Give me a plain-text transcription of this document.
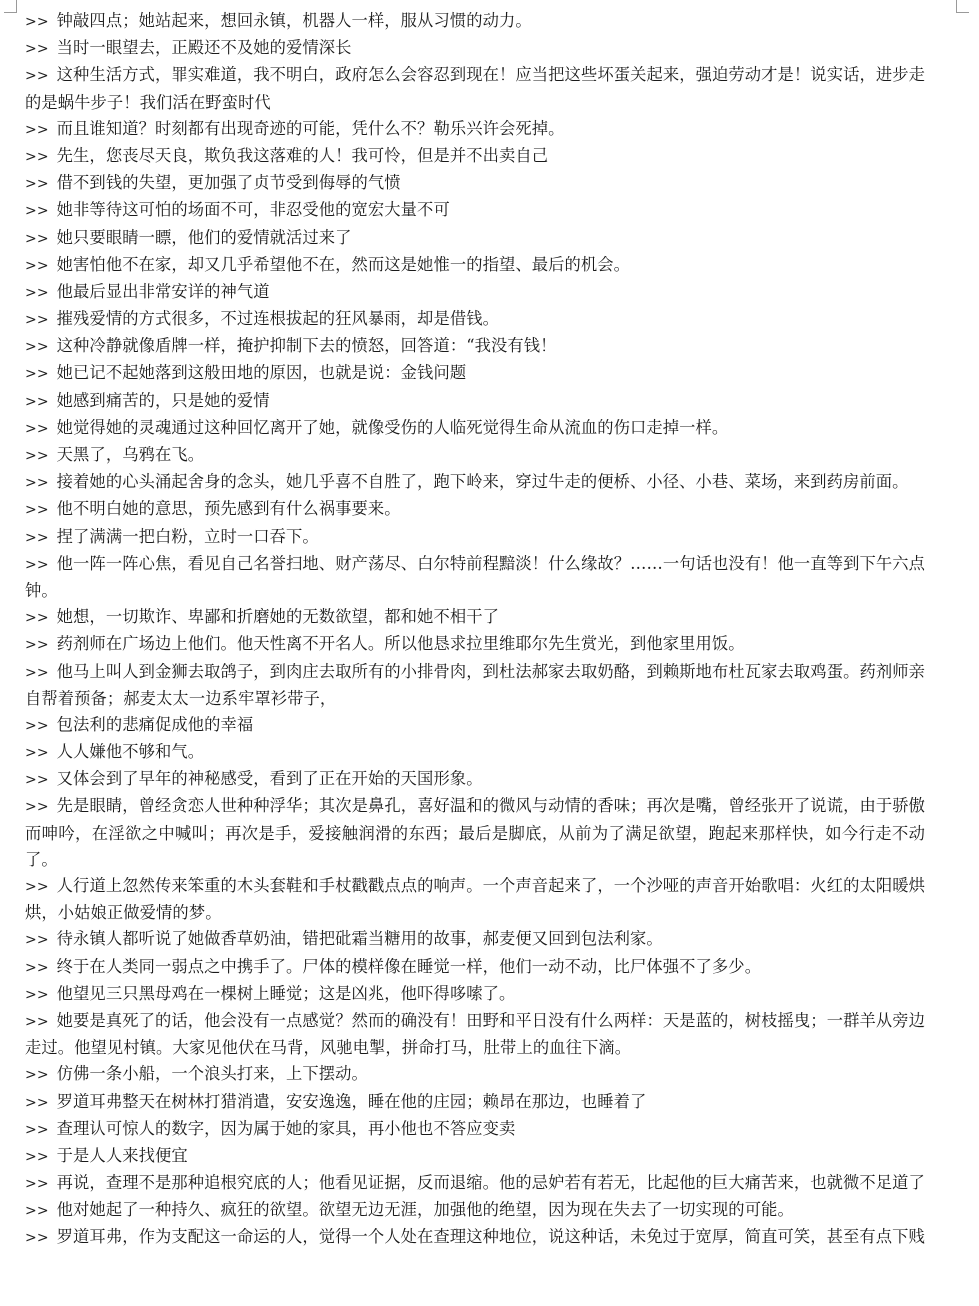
>> 钟敲四点；她站起来，想回永镇，机器人一样，服从习惯的动力。

>> 当时一眼望去，正殿还不及她的爱情深长

>> 这种生活方式，罪实难道，我不明白，政府怎么会容忍到现在！应当把这些坏蛋关起来，强迫劳动才是！说实话，进步走的是蜗牛步子！我们活在野蛮时代

>> 而且谁知道？时刻都有出现奇迹的可能，凭什么不？勒乐兴许会死掉。

>> 先生，您丧尽天良，欺负我这落难的人！我可怜，但是并不出卖自己

>> 借不到钱的失望，更加强了贞节受到侮辱的气愤

>> 她非等待这可怕的场面不可，非忍受他的宽宏大量不可

>> 她只要眼睛一瞟，他们的爱情就活过来了

>> 她害怕他不在家，却又几乎希望他不在，然而这是她惟一的指望、最后的机会。

>> 他最后显出非常安详的神气道

>> 摧残爱情的方式很多，不过连根拔起的狂风暴雨，却是借钱。

>> 这种冷静就像盾牌一样，掩护抑制下去的愤怒，回答道：“我没有钱！

>> 她已记不起她落到这般田地的原因，也就是说：金钱问题

>> 她感到痛苦的，只是她的爱情

>> 她觉得她的灵魂通过这种回忆离开了她，就像受伤的人临死觉得生命从流血的伤口走掉一样。

>> 天黑了，乌鸦在飞。

>> 接着她的心头涌起舍身的念头，她几乎喜不自胜了，跑下岭来，穿过牛走的便桥、小径、小巷、菜场，来到药房前面。

>> 他不明白她的意思，预先感到有什么祸事要来。

>> 捏了满满一把白粉，立时一口吞下。

>> 他一阵一阵心焦，看见自己名誉扫地、财产荡尽、白尔特前程黯淡！什么缘故？……一句话也没有！他一直等到下午六点钟。

>> 她想，一切欺诈、卑鄙和折磨她的无数欲望，都和她不相干了

>> 药剂师在广场边上他们。他天性离不开名人。所以他恳求拉里维耶尔先生赏光，到他家里用饭。

>> 他马上叫人到金狮去取鸽子，到肉庄去取所有的小排骨肉，到杜法郝家去取奶酪，到赖斯地布杜瓦家去取鸡蛋。药剂师亲自帮着预备；郝麦太太一边系牢罩衫带子，

>> 包法利的悲痛促成他的幸福

>> 人人嫌他不够和气。

>> 又体会到了早年的神秘感受，看到了正在开始的天国形象。

>> 先是眼睛，曾经贪恋人世种种浮华；其次是鼻孔，喜好温和的微风与动情的香味；再次是嘴，曾经张开了说谎，由于骄傲而呻吟，在淫欲之中喊叫；再次是手，爱接触润滑的东西；最后是脚底，从前为了满足欲望，跑起来那样快，如今行走不动了。

>> 人行道上忽然传来笨重的木头套鞋和手杖戳戳点点的响声。一个声音起来了，一个沙哑的声音开始歌唱：火红的太阳暖烘烘，小姑娘正做爱情的梦。

>> 待永镇人都听说了她做香草奶油，错把砒霜当糖用的故事，郝麦便又回到包法利家。

>> 终于在人类同一弱点之中携手了。尸体的模样像在睡觉一样，他们一动不动，比尸体强不了多少。

>> 他望见三只黑母鸡在一棵树上睡觉；这是凶兆，他吓得哆嗦了。

>> 她要是真死了的话，他会没有一点感觉？然而的确没有！田野和平日没有什么两样：天是蓝的，树枝摇曳；一群羊从旁边走过。他望见村镇。大家见他伏在马背，风驰电掣，拼命打马，肚带上的血往下滴。

>> 仿佛一条小船，一个浪头打来，上下摆动。

>> 罗道耳弗整天在树林打猎消遣，安安逸逸，睡在他的庄园；赖昂在那边，也睡着了

>> 查理认可惊人的数字，因为属于她的家具，再小他也不答应变卖

>> 于是人人来找便宜

>> 再说，查理不是那种追根究底的人；他看见证据，反而退缩。他的忌妒若有若无，比起他的巨大痛苦来，也就微不足道了

>> 他对她起了一种持久、疯狂的欲望。欲望无边无涯，加强他的绝望，因为现在失去了一切实现的可能。

>> 罗道耳弗，作为支配这一命运的人，觉得一个人处在查理这种地位，说这种话，未免过于宽厚，简直可笑，甚至有点下贱
